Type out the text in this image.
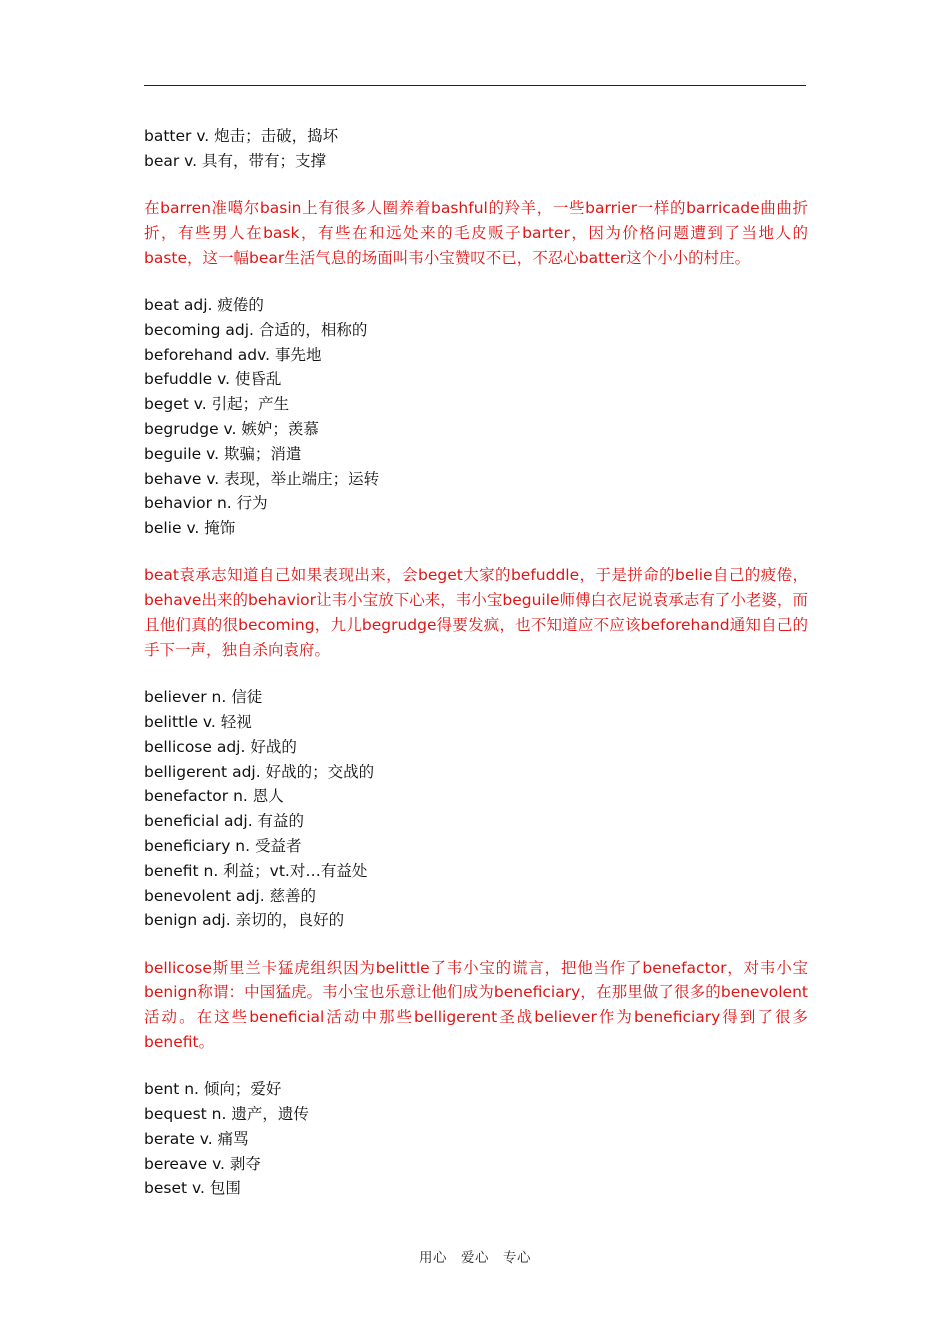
batter v. 炮击；击破，捣坏
bear v. 具有，带有；支撑

在barren准噶尔basin上有很多人圈养着bashful的羚羊，一些barrier一样的barricade曲曲折折，有些男人在bask，有些在和远处来的毛皮贩子barter，因为价格问题遭到了当地人的baste，这一幅bear生活气息的场面叫韦小宝赞叹不已，不忍心batter这个小小的村庄。

beat adj. 疲倦的
becoming adj. 合适的，相称的
beforehand adv. 事先地
befuddle v. 使昏乱
beget v. 引起；产生
begrudge v. 嫉妒；羡慕
beguile v. 欺骗；消遣
behave v. 表现，举止端庄；运转
behavior n. 行为
belie v. 掩饰

beat袁承志知道自己如果表现出来，会beget大家的befuddle，于是拼命的belie自己的疲倦，behave出来的behavior让韦小宝放下心来，韦小宝beguile师傅白衣尼说袁承志有了小老婆，而且他们真的很becoming，九儿begrudge得要发疯，也不知道应不应该beforehand通知自己的手下一声，独自杀向袁府。

believer n. 信徒
belittle v. 轻视
bellicose adj. 好战的
belligerent adj. 好战的；交战的
benefactor n. 恩人
beneficial adj. 有益的
beneficiary n. 受益者
benefit n. 利益；vt.对…有益处
benevolent adj. 慈善的
benign adj. 亲切的，良好的

bellicose斯里兰卡猛虎组织因为belittle了韦小宝的谎言，把他当作了benefactor，对韦小宝benign称谓：中国猛虎。韦小宝也乐意让他们成为beneficiary，在那里做了很多的benevolent活动。在这些beneficial活动中那些belligerent圣战believer作为beneficiary得到了很多benefit。

bent n. 倾向；爱好
bequest n. 遗产，遗传
berate v. 痛骂
bereave v. 剥夺
beset v. 包围
用心　爱心　专心
